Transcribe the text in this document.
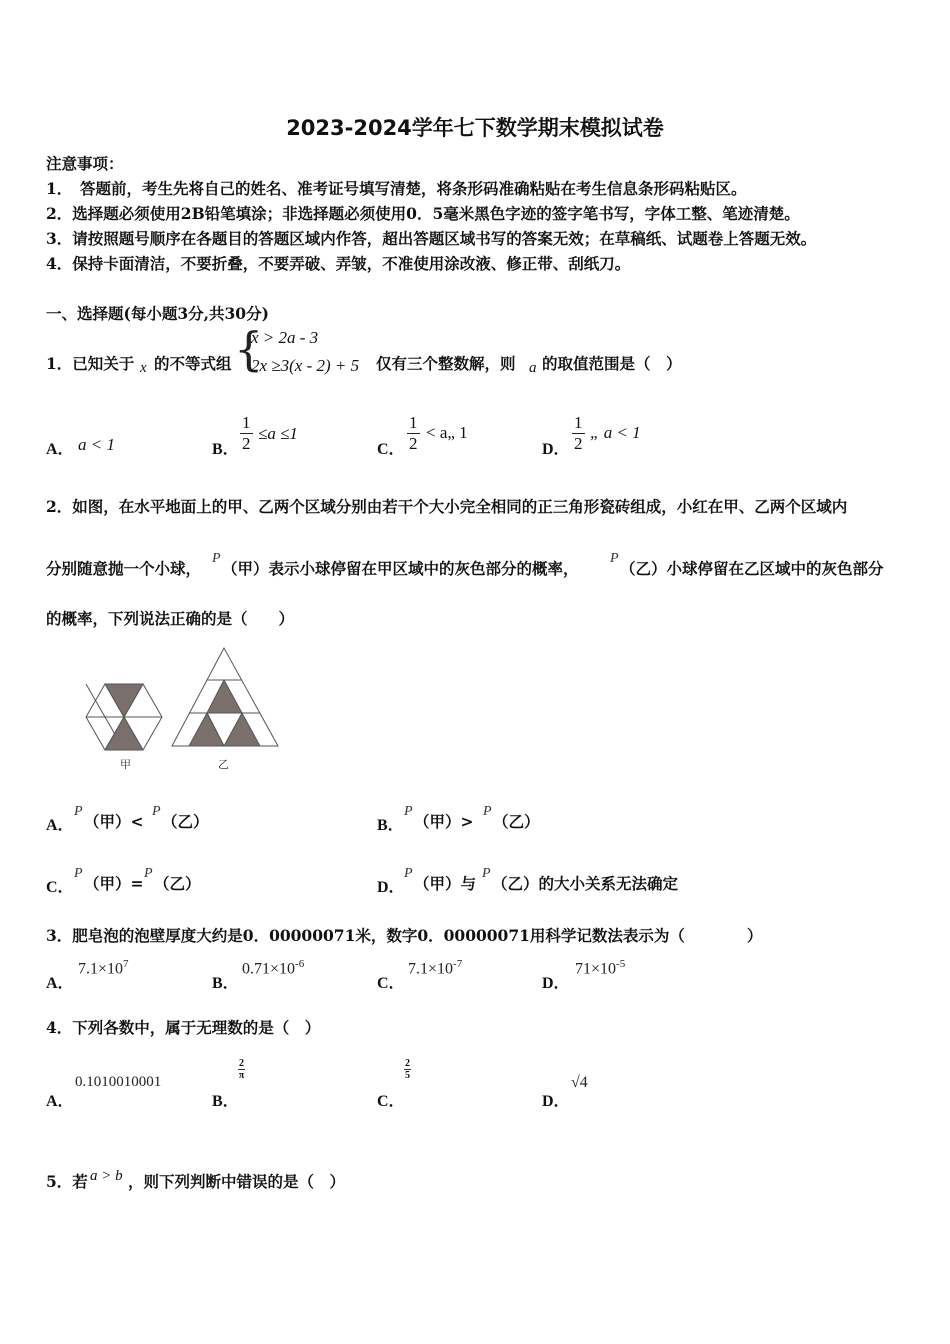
2023-2024学年七下数学期末模拟试卷
注意事项：
1．　答题前，考生先将自己的姓名、准考证号填写清楚，将条形码准确粘贴在考生信息条形码粘贴区。
2．选择题必须使用2B铅笔填涂；非选择题必须使用0．5毫米黑色字迹的签字笔书写，字体工整、笔迹清楚。
3．请按照题号顺序在各题目的答题区域内作答，超出答题区域书写的答案无效；在草稿纸、试题卷上答题无效。
4．保持卡面清洁，不要折叠，不要弄破、弄皱，不准使用涂改液、修正带、刮纸刀。
一、选择题(每小题3分,共30分)
1．已知关于 x 的不等式组 {
x > 2a - 3
2x ≥3(x - 2) + 5 仅有三个整数解，则 a 的取值范围是（　）
A． a < 1	B． $\frac{1}{2} \le a \le 1$
C． $\frac{1}{2}$ < a„ 1
D． $\frac{1}{2}$ „ a < 1
2．如图，在水平地面上的甲、乙两个区域分别由若干个大小完全相同的正三角形瓷砖组成，小红在甲、乙两个区域内
分别随意抛一个小球，
P
（甲）表示小球停留在甲区域中的灰色部分的概率，
P
（乙）小球停留在乙区域中的灰色部分
的概率，下列说法正确的是（　　）
甲	乙
A．
P
（甲）<
P
（乙）	B．
P
（甲）>
P
（乙）
C．
P
（甲）=
P
（乙）	D．
P
（甲）与
P
（乙）的大小关系无法确定
3．肥皂泡的泡壁厚度大约是0．00000071米，数字0．00000071用科学记数法表示为（　　　　）
A．
$7.1\times 10^7$
B．
$0.71\times 10^{-6}$
C．
$7.1\times 10^{-7}$
D．
$71\times 10^{-5}$
4．下列各数中，属于无理数的是（　）
A．
0.1010010001
B．
$\frac{2}{\pi}$
C．
$\frac{2}{5}$
D．
√4
5．若 a > b ，则下列判断中错误的是（　）
